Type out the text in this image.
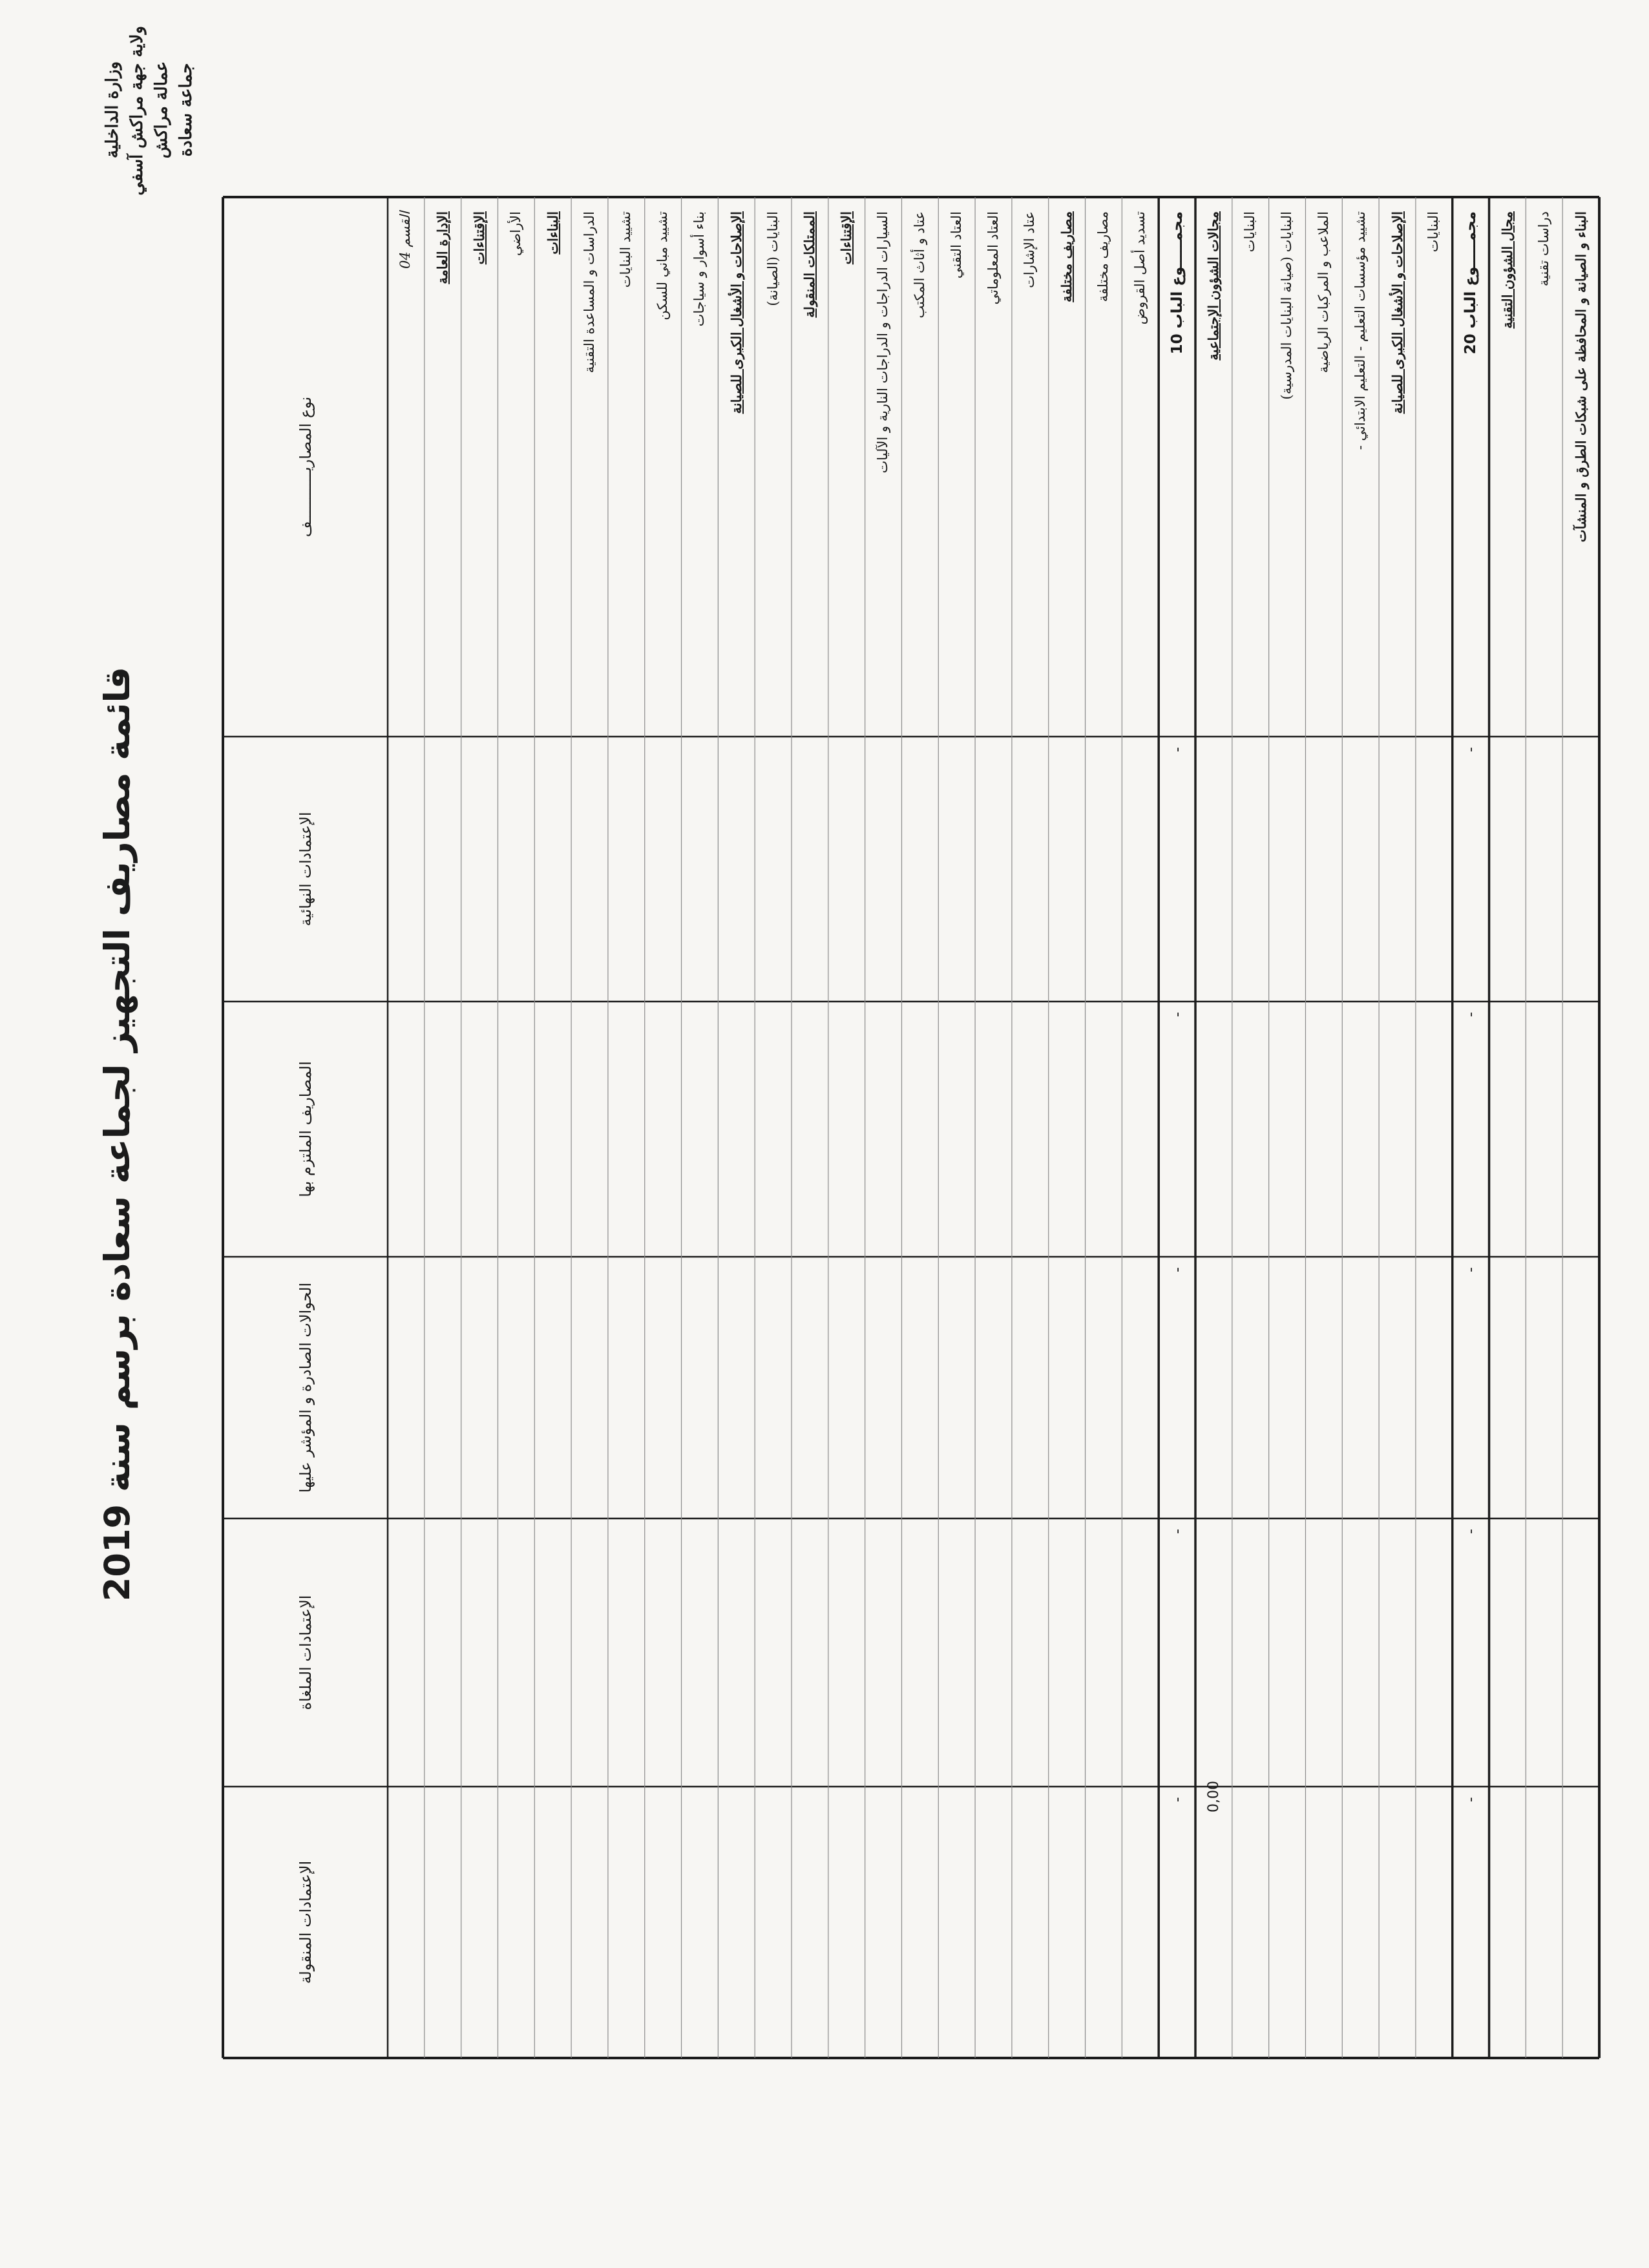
وزارة الداخلية ولاية جهة مراكش آسفي عمالة مراكش جماعة سعادة
قائمة مصاريف التجهيز لجماعة سعادة برسم سنة 2019
نوع المصاريـــــــــــف
الإعتمادات النهائية
المصاريف الملتزم بها
الحوالات الصادرة و المؤشر عليها
الإعتمادات الملغاة
الإعتمادات المنقولة
القسم 04 الإدارة العامة الإقتناءات الأراضي البناءات الدراسات و المساعدة التقنية تشييد البنايات تشييد مباني للسكن بناء أسوار و سياجات الإصلاحات و الأشغال الكبرى للصيانة البنايات (الصيانة) الممتلكات المنقولة الإقتناءات السيارات الدراجات و الدراجات النارية و الآليات عتاد و أثاث المكتب العتاد التقني العتاد المعلوماتي عتاد الإشارات مصاريف مختلفة مصاريف مختلفة تسديد أصل القروض
مجمـــــوع الباب 10 مجالات الشؤون الإجتماعية البنايات البنايات (صيانة البنايات المدرسية) الملاعب و المركبات الرياضية تشييد مؤسسات التعليم - التعليم الابتدائي - الإصلاحات و الأشغال الكبرى للصيانة البنايات
مجمـــــوع الباب 20 مجال الشؤون التقنية دراسات تقنية البناء و الصيانة و المحافظة على شبكات الطرق و المنشآت
-
-
-
-
- 0,00
-
-
-
-
-
